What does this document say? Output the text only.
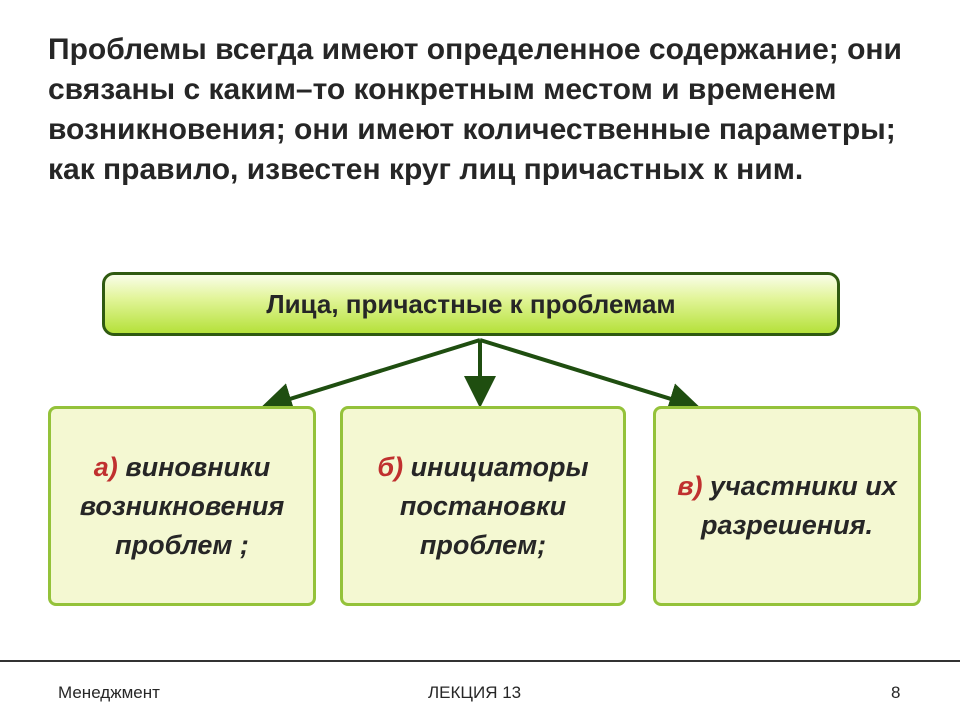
Проблемы всегда имеют определенное содержание; они связаны с каким–то конкретным местом и временем возникновения; они имеют количественные параметры; как правило, известен круг лиц причастных к ним.
Лица, причастные к проблемам
а) виновники возникновения проблем ;
б) инициаторы постановки проблем;
в) участники их разрешения.
Менеджмент	ЛЕКЦИЯ 13	8
